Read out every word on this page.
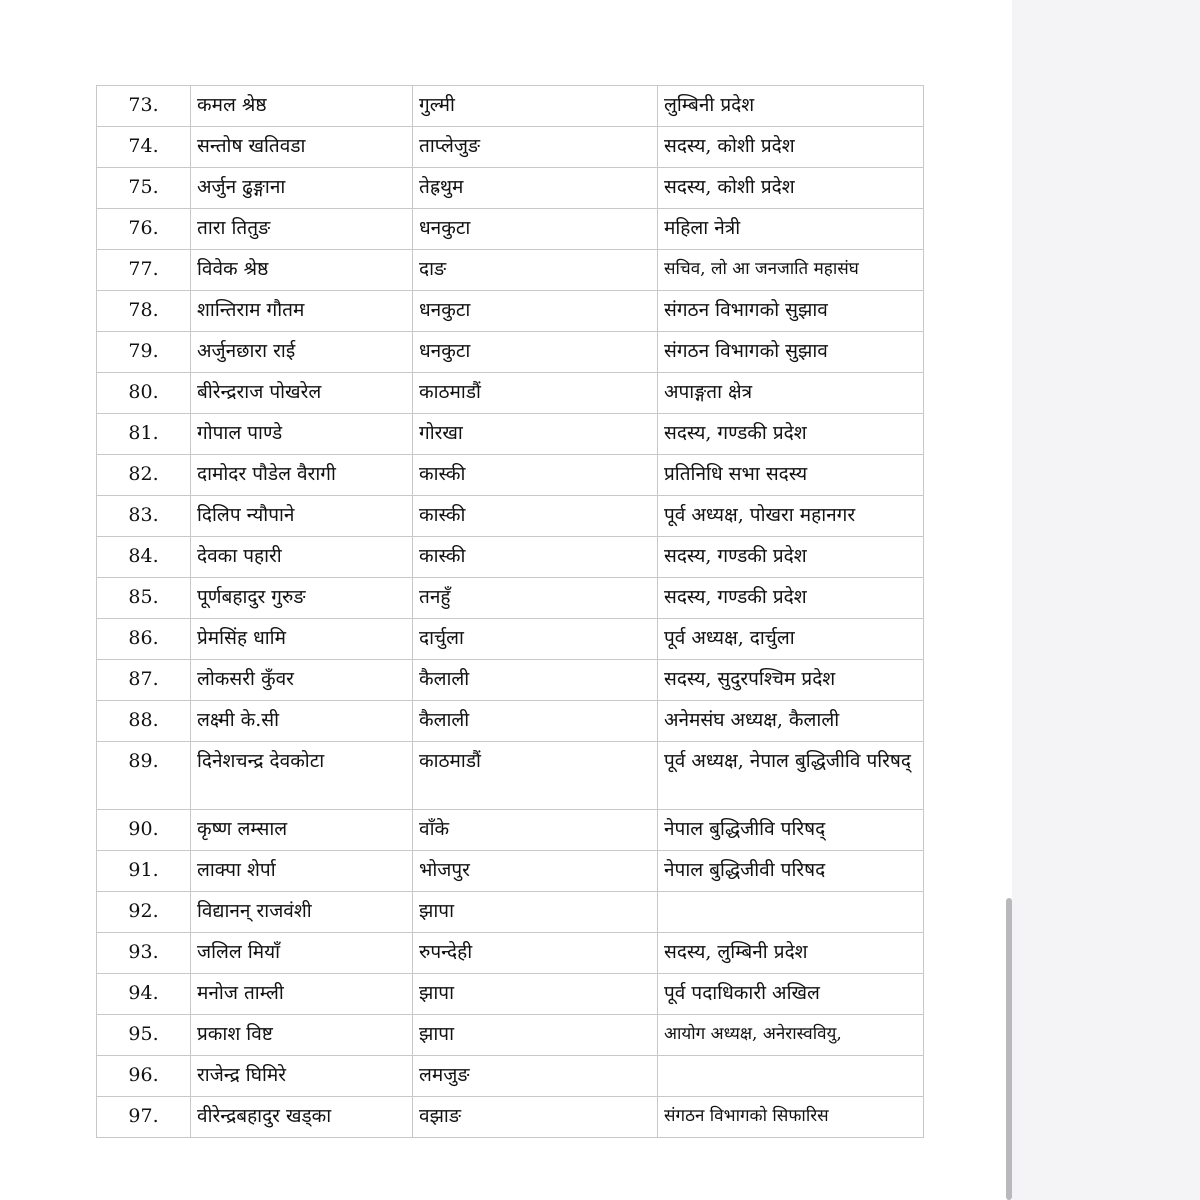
73.	कमल श्रेष्ठ	गुल्मी	लुम्बिनी प्रदेश
74.	सन्तोष खतिवडा	ताप्लेजुङ	सदस्य, कोशी प्रदेश
75.	अर्जुन ढुङ्गाना	तेह्रथुम	सदस्य, कोशी प्रदेश
76.	तारा तितुङ	धनकुटा	महिला नेत्री
77.	विवेक श्रेष्ठ	दाङ	सचिव, लो आ जनजाति महासंघ
78.	शान्तिराम गौतम	धनकुटा	संगठन विभागको सुझाव
79.	अर्जुनछारा राई	धनकुटा	संगठन विभागको सुझाव
80.	बीरेन्द्रराज पोखरेल	काठमाडौं	अपाङ्गता क्षेत्र
81.	गोपाल पाण्डे	गोरखा	सदस्य, गण्डकी प्रदेश
82.	दामोदर पौडेल वैरागी	कास्की	प्रतिनिधि सभा सदस्य
83.	दिलिप न्यौपाने	कास्की	पूर्व अध्यक्ष, पोखरा महानगर
84.	देवका पहारी	कास्की	सदस्य, गण्डकी प्रदेश
85.	पूर्णबहादुर गुरुङ	तनहुँ	सदस्य, गण्डकी प्रदेश
86.	प्रेमसिंह धामि	दार्चुला	पूर्व अध्यक्ष, दार्चुला
87.	लोकसरी कुँवर	कैलाली	सदस्य, सुदुरपश्चिम प्रदेश
88.	लक्ष्मी के.सी	कैलाली	अनेमसंघ अध्यक्ष, कैलाली
89.	दिनेशचन्द्र देवकोटा	काठमाडौं	पूर्व अध्यक्ष, नेपाल बुद्धिजीवि परिषद्
90.	कृष्ण लम्साल	वाँके	नेपाल बुद्धिजीवि परिषद्
91.	लाक्पा शेर्पा	भोजपुर	नेपाल बुद्धिजीवी परिषद
92.	विद्यानन् राजवंशी	झापा	
93.	जलिल मियाँ	रुपन्देही	सदस्य, लुम्बिनी प्रदेश
94.	मनोज ताम्ली	झापा	पूर्व पदाधिकारी अखिल
95.	प्रकाश विष्ट	झापा	आयोग अध्यक्ष, अनेरास्ववियु,
96.	राजेन्द्र घिमिरे	लमजुङ	
97.	वीरेन्द्रबहादुर खड्का	वझाङ	संगठन विभागको सिफारिस
